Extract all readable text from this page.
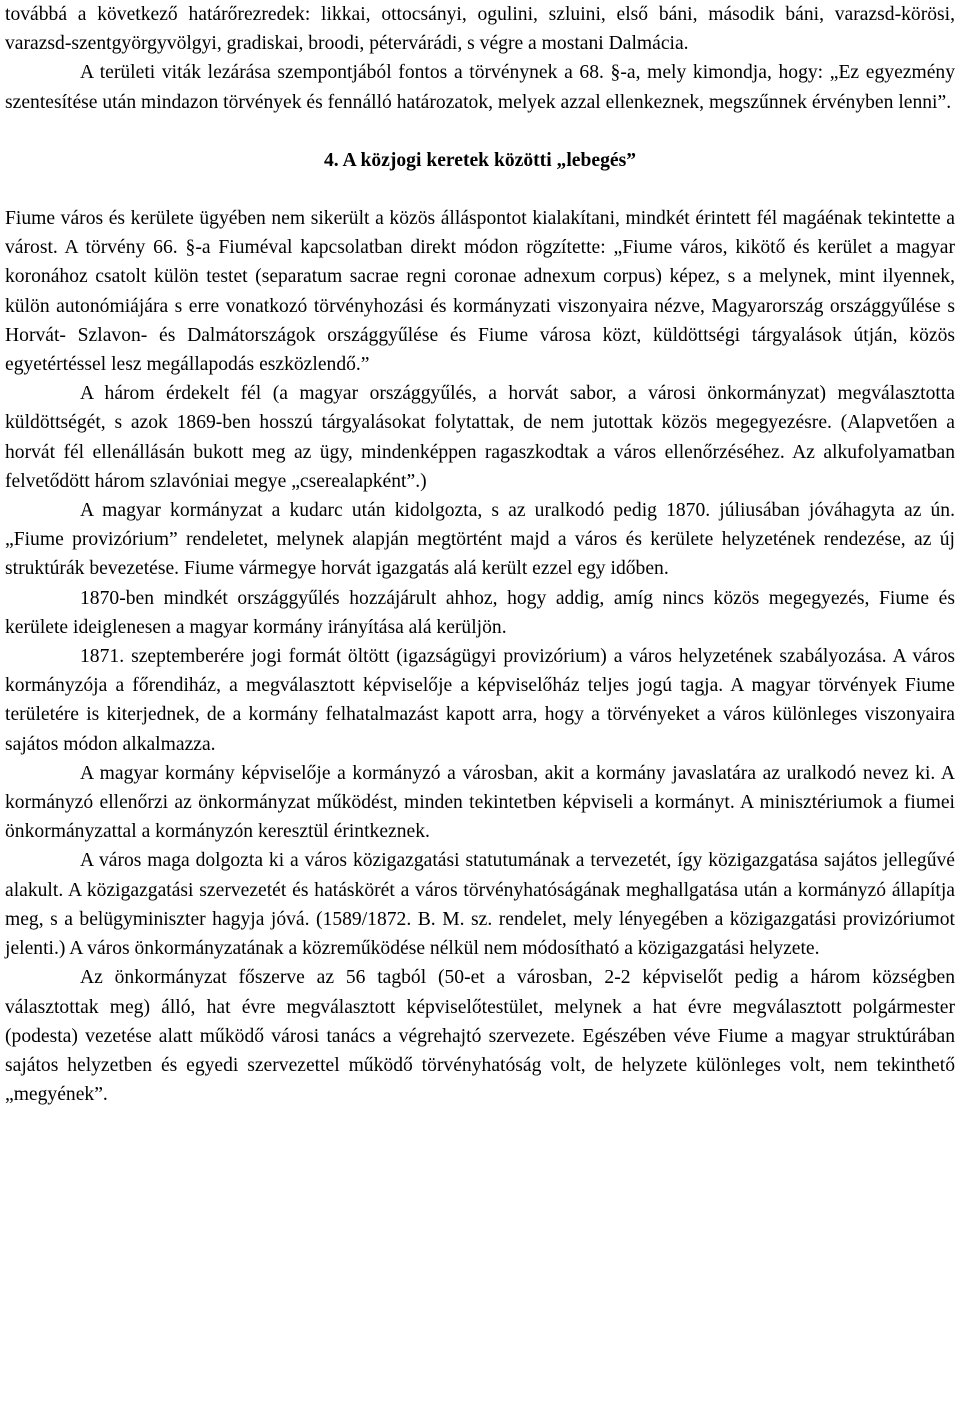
továbbá a következő határőrezredek: likkai, ottocsányi, ogulini, szluini, első báni, második báni, varazsd-körösi, varazsd-szentgyörgyvölgyi, gradiskai, broodi, pétervárádi, s végre a mostani Dalmácia.

A területi viták lezárása szempontjából fontos a törvénynek a 68. §-a, mely kimondja, hogy: „Ez egyezmény szentesítése után mindazon törvények és fennálló határozatok, melyek azzal ellenkeznek, megszűnnek érvényben lenni”.

4. A közjogi keretek közötti „lebegés”

Fiume város és kerülete ügyében nem sikerült a közös álláspontot kialakítani, mindkét érintett fél magáénak tekintette a várost. A törvény 66. §-a Fiuméval kapcsolatban direkt módon rögzítette: „Fiume város, kikötő és kerület a magyar koronához csatolt külön testet (separatum sacrae regni coronae adnexum corpus) képez, s a melynek, mint ilyennek, külön autonómiájára s erre vonatkozó törvényhozási és kormányzati viszonyaira nézve, Magyarország országgyűlése s Horvát- Szlavon- és Dalmátországok országgyűlése és Fiume városa közt, küldöttségi tárgyalások útján, közös egyetértéssel lesz megállapodás eszközlendő.”

A három érdekelt fél (a magyar országgyűlés, a horvát sabor, a városi önkormányzat) megválasztotta küldöttségét, s azok 1869-ben hosszú tárgyalásokat folytattak, de nem jutottak közös megegyezésre. (Alapvetően a horvát fél ellenállásán bukott meg az ügy, mindenképpen ragaszkodtak a város ellenőrzéséhez. Az alkufolyamatban felvetődött három szlavóniai megye „cserealapként”.)

A magyar kormányzat a kudarc után kidolgozta, s az uralkodó pedig 1870. júliusában jóváhagyta az ún. „Fiume provizórium” rendeletet, melynek alapján megtörtént majd a város és kerülete helyzetének rendezése, az új struktúrák bevezetése. Fiume vármegye horvát igazgatás alá került ezzel egy időben.

1870-ben mindkét országgyűlés hozzájárult ahhoz, hogy addig, amíg nincs közös megegyezés, Fiume és kerülete ideiglenesen a magyar kormány irányítása alá kerüljön.

1871. szeptemberére jogi formát öltött (igazságügyi provizórium) a város helyzetének szabályozása. A város kormányzója a főrendiház, a megválasztott képviselője a képviselőház teljes jogú tagja. A magyar törvények Fiume területére is kiterjednek, de a kormány felhatalmazást kapott arra, hogy a törvényeket a város különleges viszonyaira sajátos módon alkalmazza.

A magyar kormány képviselője a kormányzó a városban, akit a kormány javaslatára az uralkodó nevez ki. A kormányzó ellenőrzi az önkormányzat működést, minden tekintetben képviseli a kormányt. A minisztériumok a fiumei önkormányzattal a kormányzón keresztül érintkeznek.

A város maga dolgozta ki a város közigazgatási statutumának a tervezetét, így közigazgatása sajátos jellegűvé alakult. A közigazgatási szervezetét és hatáskörét a város törvényhatóságának meghallgatása után a kormányzó állapítja meg, s a belügyminiszter hagyja jóvá. (1589/1872. B. M. sz. rendelet, mely lényegében a közigazgatási provizóriumot jelenti.) A város önkormányzatának a közreműködése nélkül nem módosítható a közigazgatási helyzete.

Az önkormányzat főszerve az 56 tagból (50-et a városban, 2-2 képviselőt pedig a három községben választottak meg) álló, hat évre megválasztott képviselőtestület, melynek a hat évre megválasztott polgármester (podesta) vezetése alatt működő városi tanács a végrehajtó szervezete. Egészében véve Fiume a magyar struktúrában sajátos helyzetben és egyedi szervezettel működő törvényhatóság volt, de helyzete különleges volt, nem tekinthető „megyének”.
